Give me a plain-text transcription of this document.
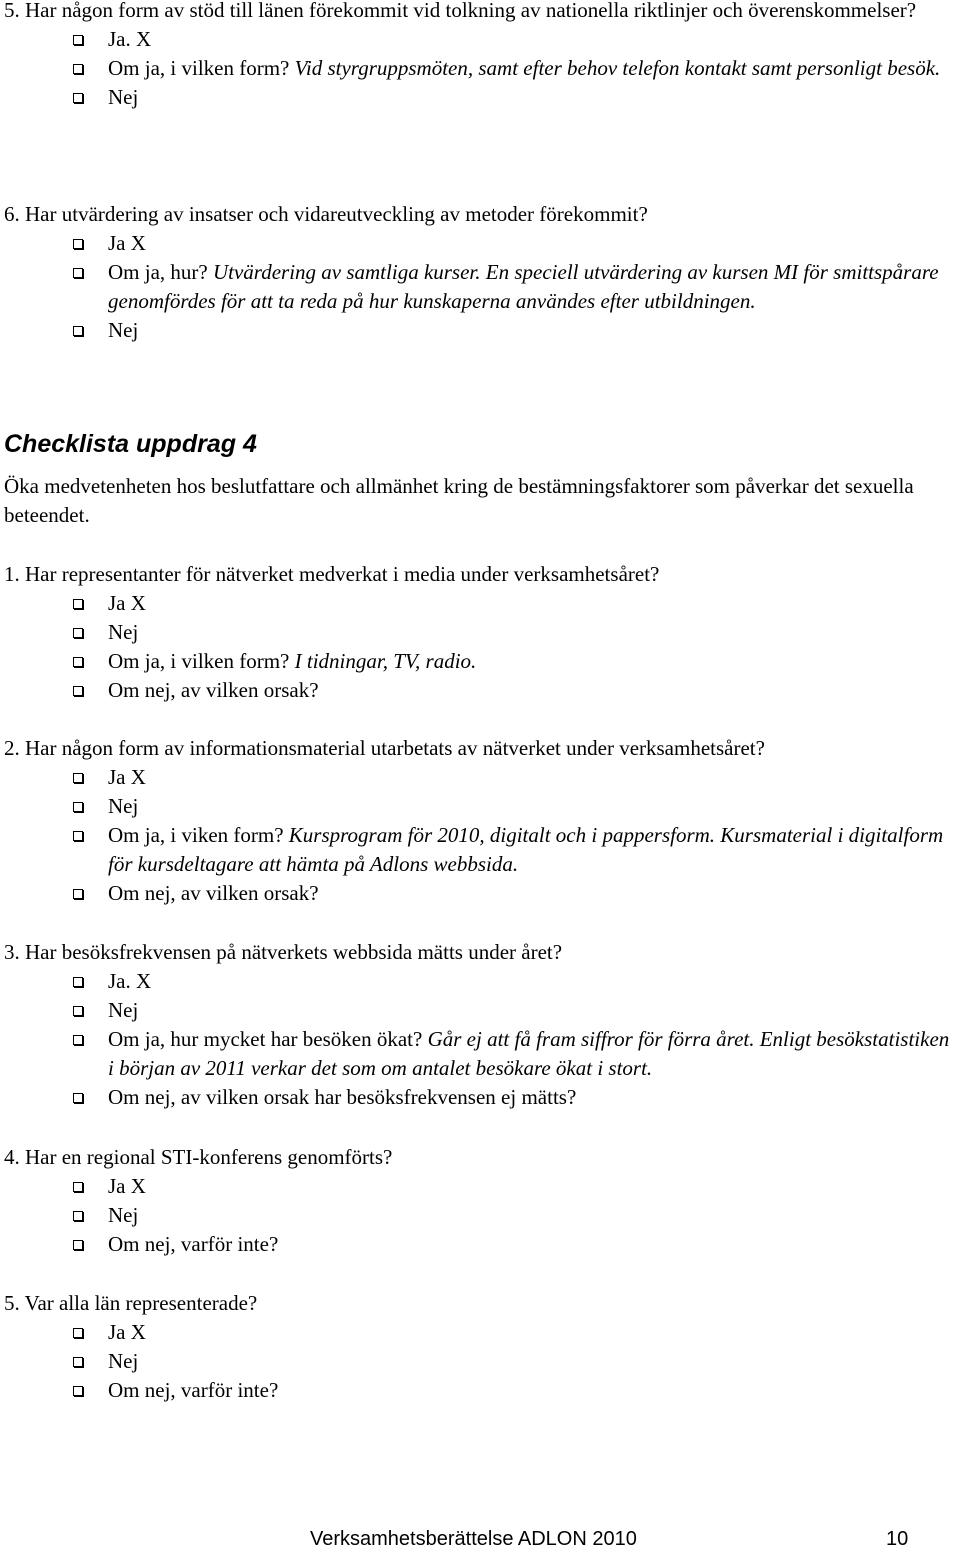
5. Har någon form av stöd till länen förekommit vid tolkning av nationella riktlinjer och överenskommelser?

Ja. X
Om ja, i vilken form? Vid styrgruppsmöten, samt efter behov telefon kontakt samt personligt besök.
Nej

6. Har utvärdering av insatser och vidareutveckling av metoder förekommit?

Ja X
Om ja, hur? Utvärdering av samtliga kurser. En speciell utvärdering av kursen MI för smittspårare genomfördes för att ta reda på hur kunskaperna användes efter utbildningen.
Nej

Checklista uppdrag 4

Öka medvetenheten hos beslutfattare och allmänhet kring de bestämningsfaktorer som påverkar det sexuella beteendet.

1. Har representanter för nätverket medverkat i media under verksamhetsåret?

Ja X
Nej
Om ja, i vilken form? I tidningar, TV, radio.
Om nej, av vilken orsak?

2. Har någon form av informationsmaterial utarbetats av nätverket under verksamhetsåret?

Ja X
Nej
Om ja, i viken form? Kursprogram för 2010, digitalt och i pappersform. Kursmaterial i digitalform för kursdeltagare att hämta på Adlons webbsida.
Om nej, av vilken orsak?

3. Har besöksfrekvensen på nätverkets webbsida mätts under året?

Ja. X
Nej
Om ja, hur mycket har besöken ökat? Går ej att få fram siffror för förra året. Enligt besökstatistiken i början av 2011 verkar det som om antalet besökare ökat i stort.
Om nej, av vilken orsak har besöksfrekvensen ej mätts?

4. Har en regional STI-konferens genomförts?

Ja X
Nej
Om nej, varför inte?

5. Var alla län representerade?

Ja X
Nej
Om nej, varför inte?
Verksamhetsberättelse ADLON 2010	10
